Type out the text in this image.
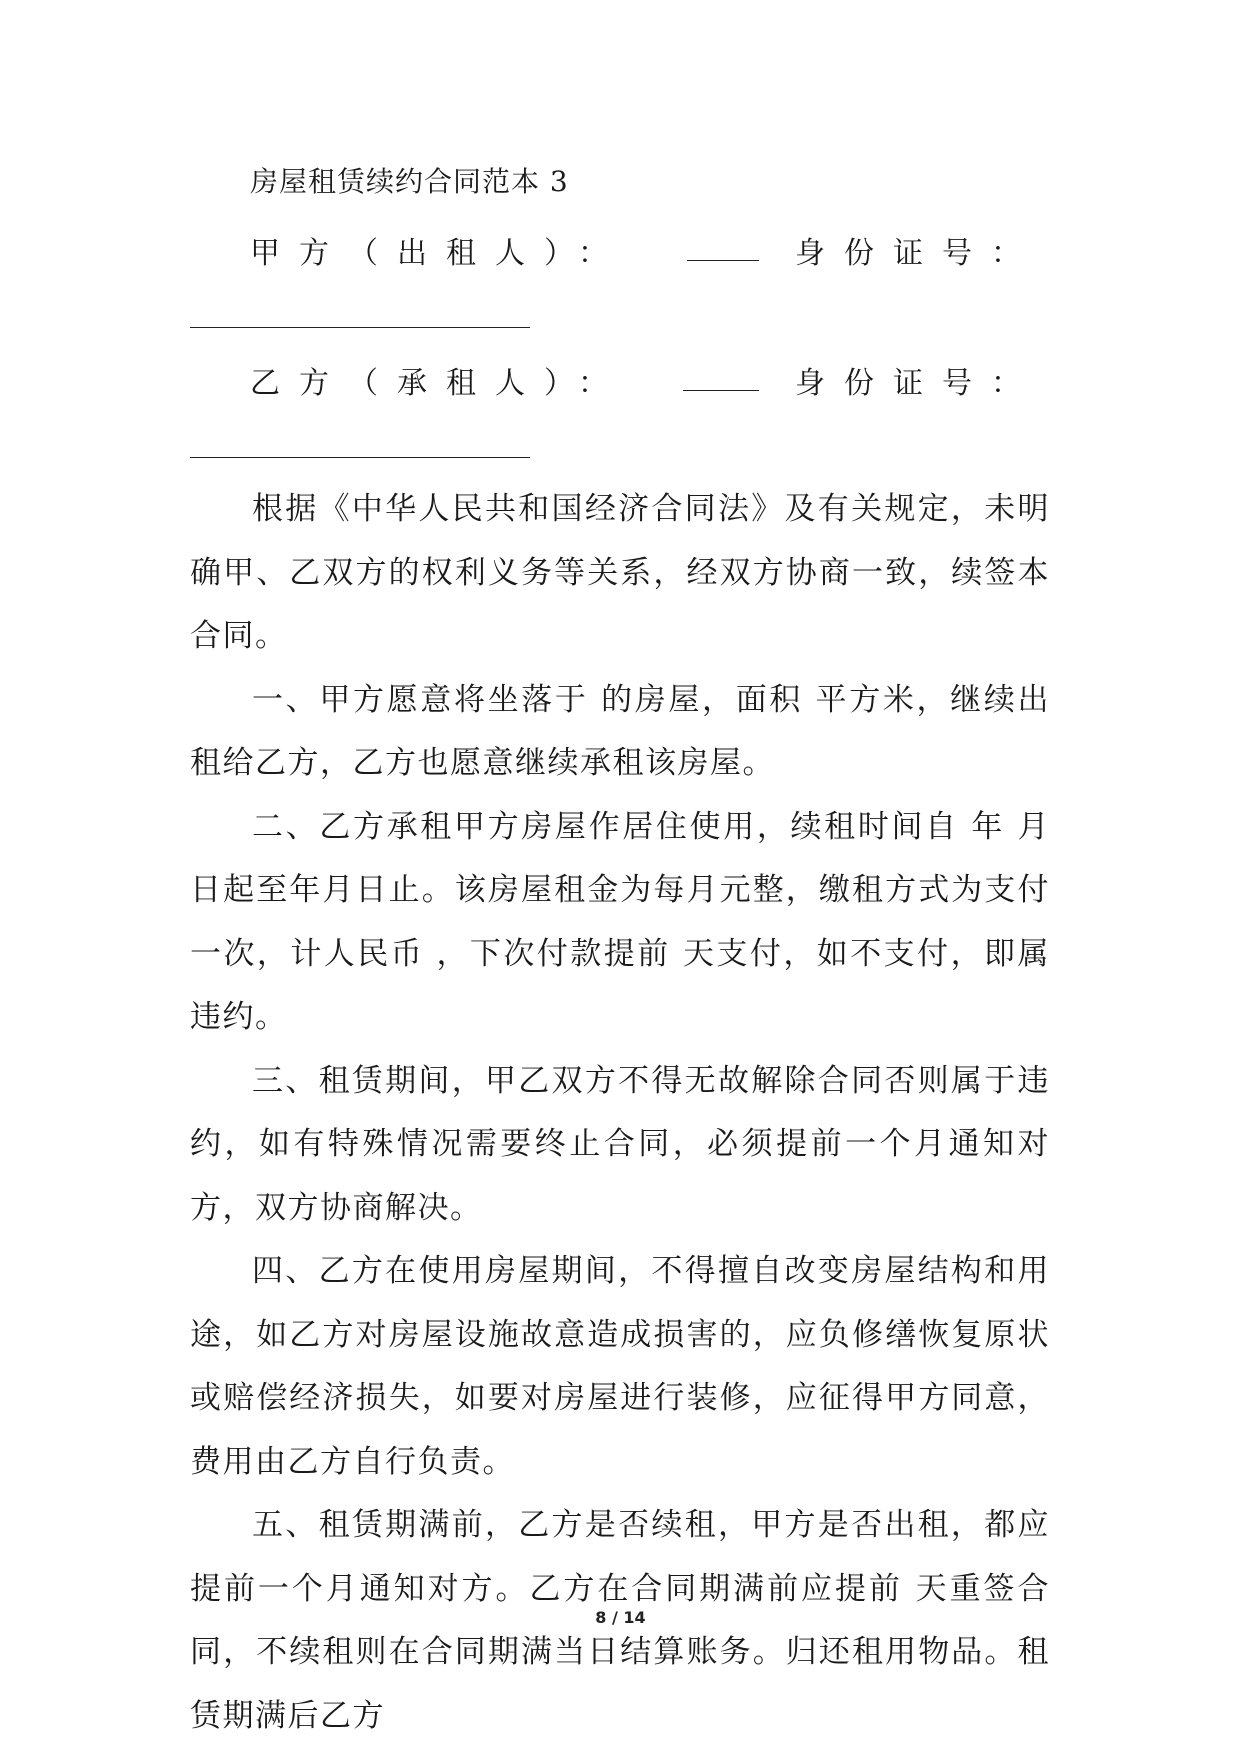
房屋租赁续约合同范本 3
甲方（出租人）：	身份证号：
乙方（承租人）：	身份证号：

根据《中华人民共和国经济合同法》及有关规定，未明确甲、乙双方的权利义务等关系，经双方协商一致，续签本合同。

一、甲方愿意将坐落于 的房屋，面积 平方米，继续出租给乙方，乙方也愿意继续承租该房屋。

二、乙方承租甲方房屋作居住使用，续租时间自 年 月 日起至年月日止。该房屋租金为每月元整，缴租方式为支付一次，计人民币 ，下次付款提前 天支付，如不支付，即属违约。

三、租赁期间，甲乙双方不得无故解除合同否则属于违约，如有特殊情况需要终止合同，必须提前一个月通知对方，双方协商解决。

四、乙方在使用房屋期间，不得擅自改变房屋结构和用途，如乙方对房屋设施故意造成损害的，应负修缮恢复原状或赔偿经济损失，如要对房屋进行装修，应征得甲方同意，费用由乙方自行负责。

五、租赁期满前，乙方是否续租，甲方是否出租，都应提前一个月通知对方。乙方在合同期满前应提前 天重签合同，不续租则在合同期满当日结算账务。归还租用物品。租赁期满后乙方

8 / 14
